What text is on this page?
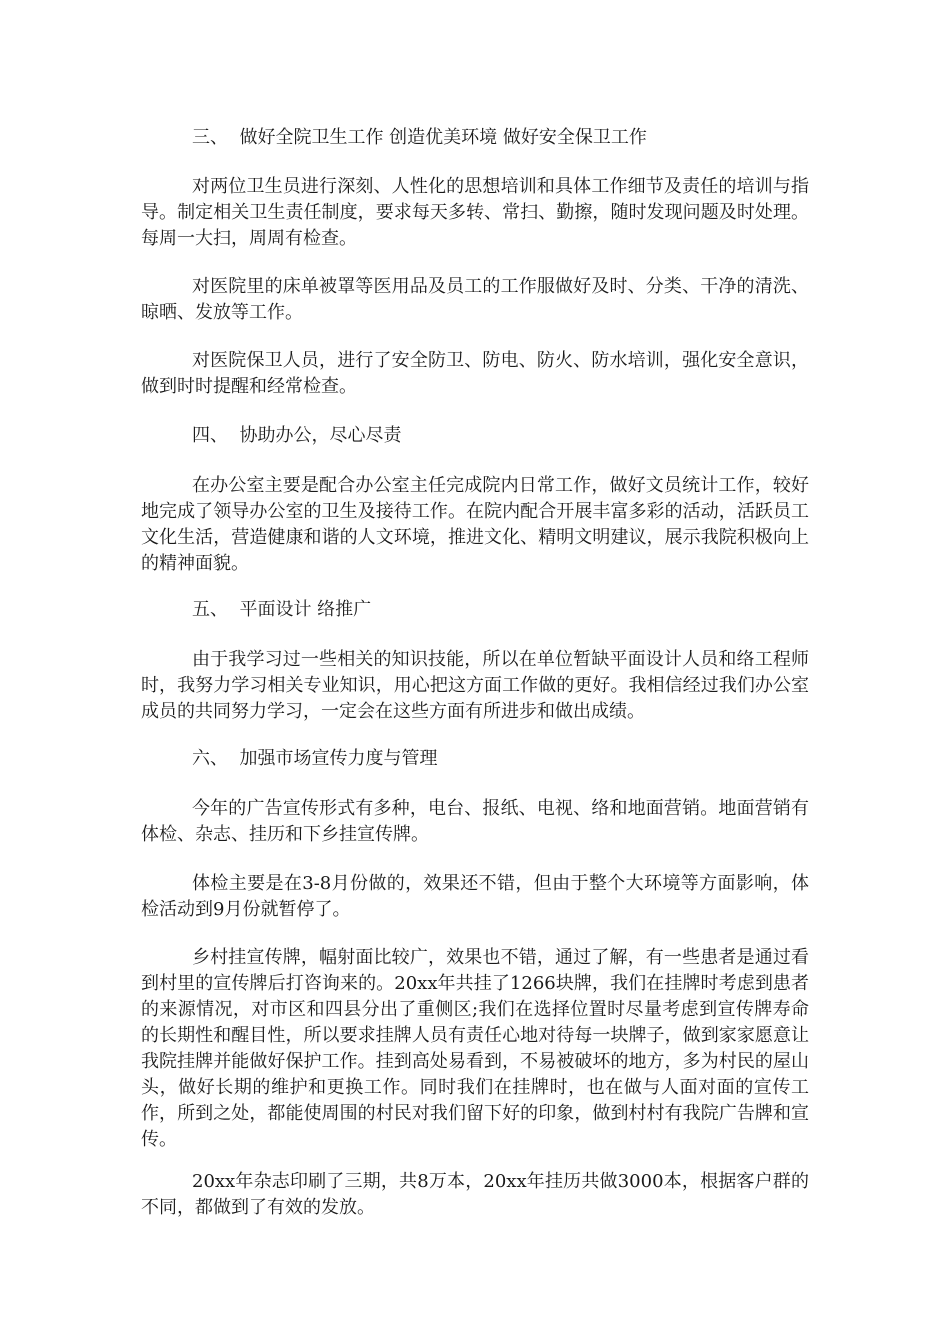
三、  做好全院卫生工作 创造优美环境 做好安全保卫工作

对两位卫生员进行深刻、人性化的思想培训和具体工作细节及责任的培训与指导。制定相关卫生责任制度，要求每天多转、常扫、勤擦，随时发现问题及时处理。每周一大扫，周周有检查。

对医院里的床单被罩等医用品及员工的工作服做好及时、分类、干净的清洗、晾晒、发放等工作。

对医院保卫人员，进行了安全防卫、防电、防火、防水培训，强化安全意识，做到时时提醒和经常检查。

四、  协助办公，尽心尽责

在办公室主要是配合办公室主任完成院内日常工作，做好文员统计工作，较好地完成了领导办公室的卫生及接待工作。在院内配合开展丰富多彩的活动，活跃员工文化生活，营造健康和谐的人文环境，推进文化、精明文明建议，展示我院积极向上的精神面貌。

五、  平面设计 络推广

由于我学习过一些相关的知识技能，所以在单位暂缺平面设计人员和络工程师时，我努力学习相关专业知识，用心把这方面工作做的更好。我相信经过我们办公室成员的共同努力学习，一定会在这些方面有所进步和做出成绩。

六、  加强市场宣传力度与管理

今年的广告宣传形式有多种，电台、报纸、电视、络和地面营销。地面营销有体检、杂志、挂历和下乡挂宣传牌。

体检主要是在3-8月份做的，效果还不错，但由于整个大环境等方面影响，体检活动到9月份就暂停了。

乡村挂宣传牌，幅射面比较广，效果也不错，通过了解，有一些患者是通过看到村里的宣传牌后打咨询来的。20xx年共挂了1266块牌，我们在挂牌时考虑到患者的来源情况，对市区和四县分出了重侧区;我们在选择位置时尽量考虑到宣传牌寿命的长期性和醒目性，所以要求挂牌人员有责任心地对待每一块牌子，做到家家愿意让我院挂牌并能做好保护工作。挂到高处易看到，不易被破坏的地方，多为村民的屋山头，做好长期的维护和更换工作。同时我们在挂牌时，也在做与人面对面的宣传工作，所到之处，都能使周围的村民对我们留下好的印象，做到村村有我院广告牌和宣传。

20xx年杂志印刷了三期，共8万本，20xx年挂历共做3000本，根据客户群的不同，都做到了有效的发放。
